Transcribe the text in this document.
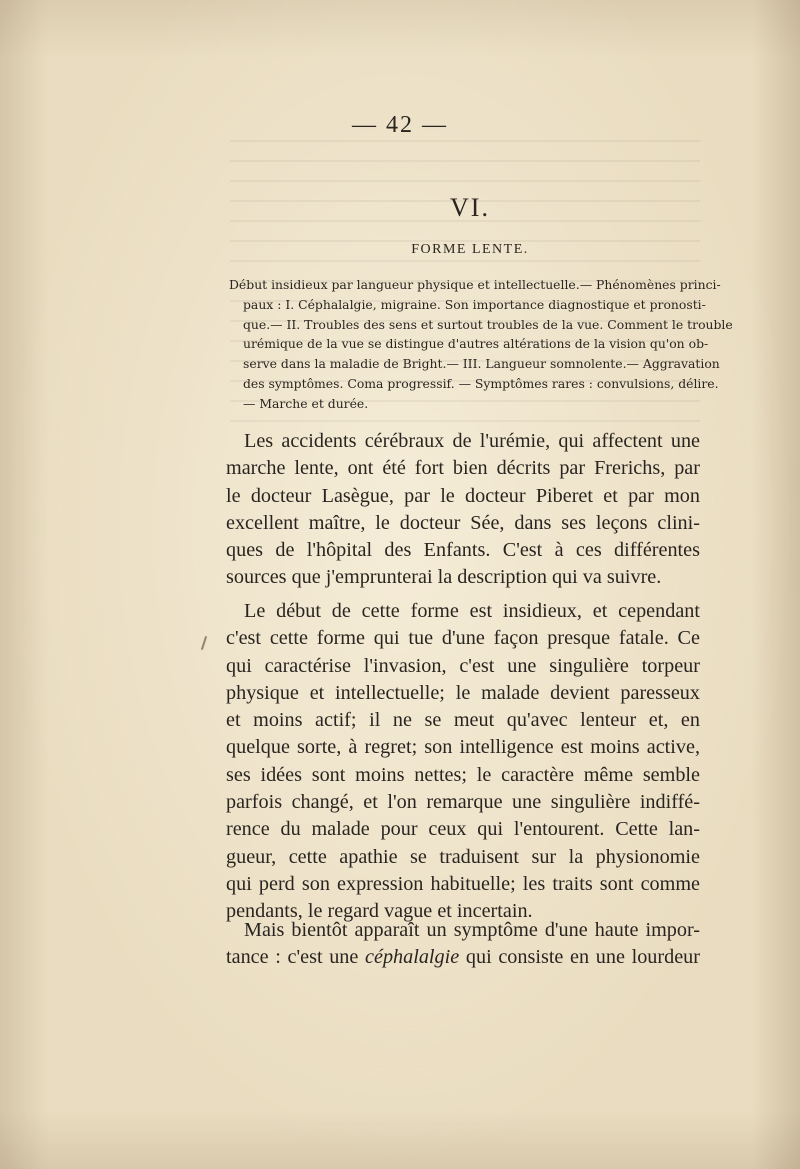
— 42 —
VI.
FORME LENTE.
Début insidieux par langueur physique et intellectuelle.— Phénomènes princi-
paux : I. Céphalalgie, migraine. Son importance diagnostique et pronosti-
que.— II. Troubles des sens et surtout troubles de la vue. Comment le trouble
urémique de la vue se distingue d'autres altérations de la vision qu'on ob-
serve dans la maladie de Bright.— III. Langueur somnolente.— Aggravation
des symptômes. Coma progressif. — Symptômes rares : convulsions, délire.
— Marche et durée.
Les accidents cérébraux de l'urémie, qui affectent une
marche lente, ont été fort bien décrits par Frerichs, par
le docteur Lasègue, par le docteur Piberet et par mon
excellent maître, le docteur Sée, dans ses leçons clini-
ques de l'hôpital des Enfants. C'est à ces différentes
sources que j'emprunterai la description qui va suivre.
Le début de cette forme est insidieux, et cependant
c'est cette forme qui tue d'une façon presque fatale. Ce
qui caractérise l'invasion, c'est une singulière torpeur
physique et intellectuelle; le malade devient paresseux
et moins actif; il ne se meut qu'avec lenteur et, en
quelque sorte, à regret; son intelligence est moins active,
ses idées sont moins nettes; le caractère même semble
parfois changé, et l'on remarque une singulière indiffé-
rence du malade pour ceux qui l'entourent. Cette lan-
gueur, cette apathie se traduisent sur la physionomie
qui perd son expression habituelle; les traits sont comme
pendants, le regard vague et incertain.
Mais bientôt apparaît un symptôme d'une haute impor-
tance : c'est une céphalalgie qui consiste en une lourdeur
